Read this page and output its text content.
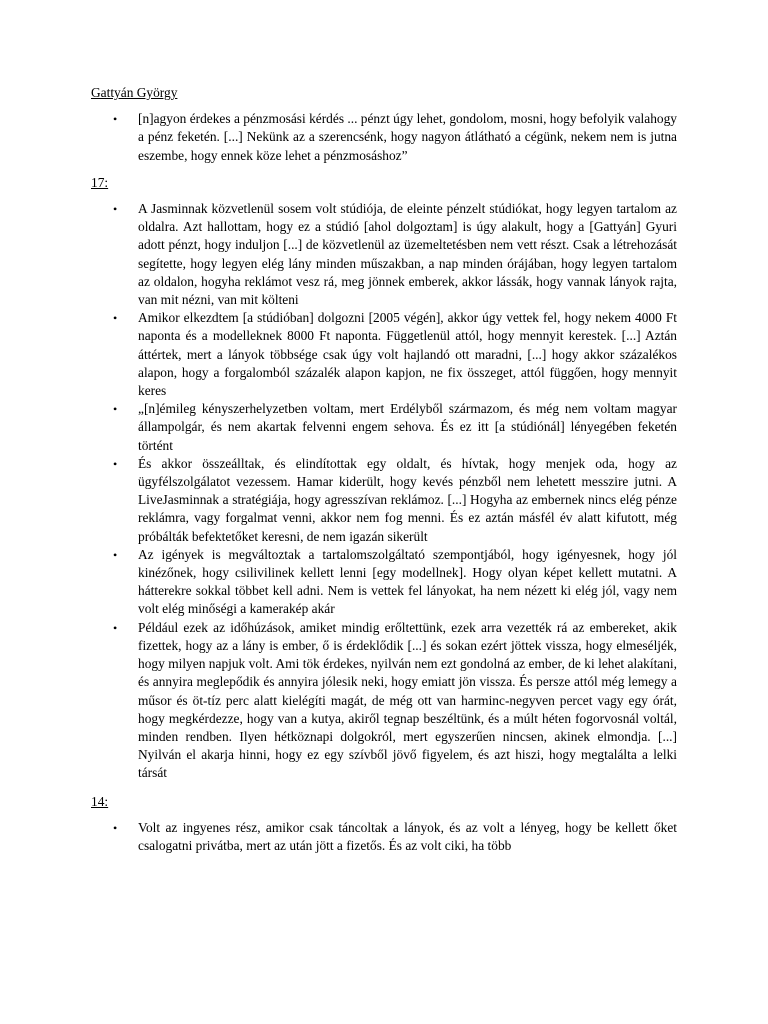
Gattyán György

• [n]agyon érdekes a pénzmosási kérdés ... pénzt úgy lehet, gondolom, mosni, hogy befolyik valahogy a pénz feketén. [...] Nekünk az a szerencsénk, hogy nagyon átlátható a cégünk, nekem nem is jutna eszembe, hogy ennek köze lehet a pénzmosáshoz”

17:

• A Jasminnak közvetlenül sosem volt stúdiója, de eleinte pénzelt stúdiókat, hogy legyen tartalom az oldalra. Azt hallottam, hogy ez a stúdió [ahol dolgoztam] is úgy alakult, hogy a [Gattyán] Gyuri adott pénzt, hogy induljon [...] de közvetlenül az üzemeltetésben nem vett részt. Csak a létrehozását segítette, hogy legyen elég lány minden műszakban, a nap minden órájában, hogy legyen tartalom az oldalon, hogyha reklámot vesz rá, meg jönnek emberek, akkor lássák, hogy vannak lányok rajta, van mit nézni, van mit költeni
• Amikor elkezdtem [a stúdióban] dolgozni [2005 végén], akkor úgy vettek fel, hogy nekem 4000 Ft naponta és a modelleknek 8000 Ft naponta. Függetlenül attól, hogy mennyit kerestek. [...] Aztán áttértek, mert a lányok többsége csak úgy volt hajlandó ott maradni, [...] hogy akkor százalékos alapon, hogy a forgalomból százalék alapon kapjon, ne fix összeget, attól függően, hogy mennyit keres
• „[n]émileg kényszerhelyzetben voltam, mert Erdélyből származom, és még nem voltam magyar állampolgár, és nem akartak felvenni engem sehova. És ez itt [a stúdiónál] lényegében feketén történt
• És akkor összeálltak, és elindítottak egy oldalt, és hívtak, hogy menjek oda, hogy az ügyfélszolgálatot vezessem. Hamar kiderült, hogy kevés pénzből nem lehetett messzire jutni. A LiveJasminnak a stratégiája, hogy agresszívan reklámoz. [...] Hogyha az embernek nincs elég pénze reklámra, vagy forgalmat venni, akkor nem fog menni. És ez aztán másfél év alatt kifutott, még próbálták befektetőket keresni, de nem igazán sikerült
• Az igények is megváltoztak a tartalomszolgáltató szempontjából, hogy igényesnek, hogy jól kinézőnek, hogy csilivilinek kellett lenni [egy modellnek]. Hogy olyan képet kellett mutatni. A hátterekre sokkal többet kell adni. Nem is vettek fel lányokat, ha nem nézett ki elég jól, vagy nem volt elég minőségi a kamerakép akár
• Például ezek az időhúzások, amiket mindig erőltettünk, ezek arra vezették rá az embereket, akik fizettek, hogy az a lány is ember, ő is érdeklődik [...] és sokan ezért jöttek vissza, hogy elmeséljék, hogy milyen napjuk volt. Ami tök érdekes, nyilván nem ezt gondolná az ember, de ki lehet alakítani, és annyira meglepődik és annyira jólesik neki, hogy emiatt jön vissza. És persze attól még lemegy a műsor és öt-tíz perc alatt kielégíti magát, de még ott van harminc-negyven percet vagy egy órát, hogy megkérdezze, hogy van a kutya, akiről tegnap beszéltünk, és a múlt héten fogorvosnál voltál, minden rendben. Ilyen hétköznapi dolgokról, mert egyszerűen nincsen, akinek elmondja. [...] Nyilván el akarja hinni, hogy ez egy szívből jövő figyelem, és azt hiszi, hogy megtalálta a lelki társát

14:

• Volt az ingyenes rész, amikor csak táncoltak a lányok, és az volt a lényeg, hogy be kellett őket csalogatni privátba, mert az után jött a fizetős. És az volt ciki, ha több
